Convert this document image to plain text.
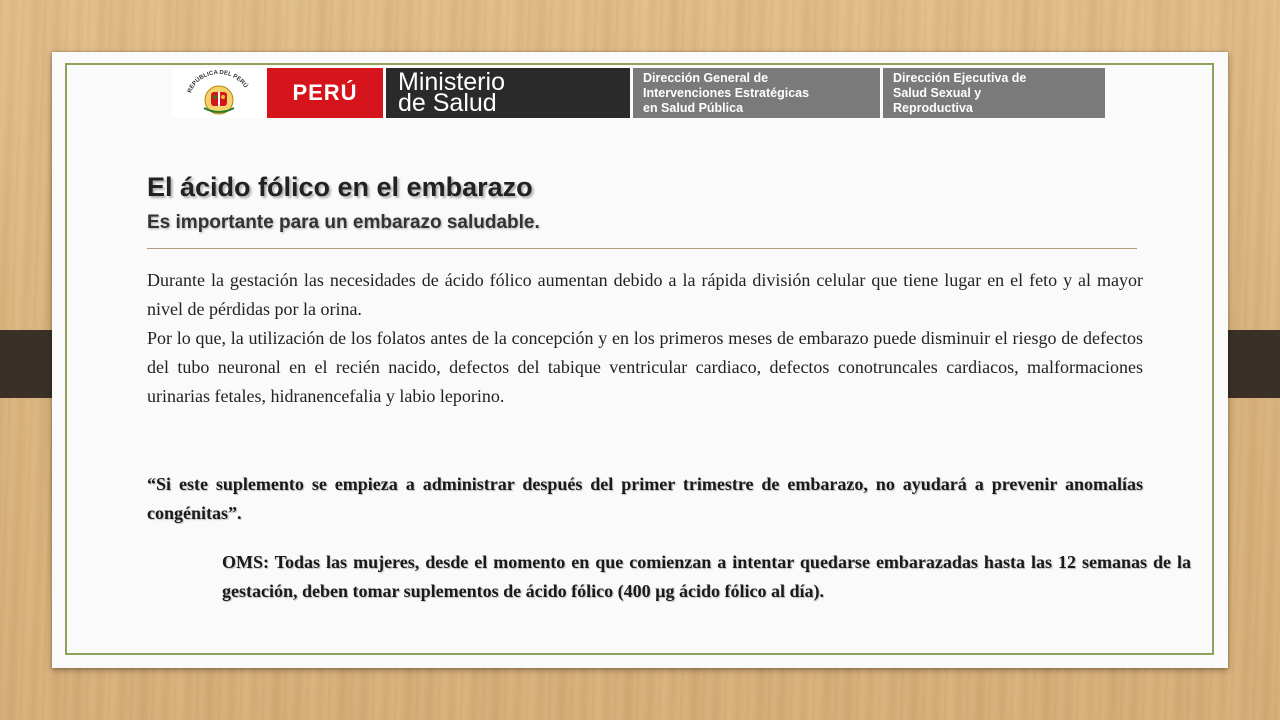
REPÚBLICA DEL PERÚ	PERÚ	Ministerio
de Salud
Dirección General de
Intervenciones Estratégicas
en Salud Pública
Dirección Ejecutiva de
Salud Sexual y
Reproductiva
El ácido fólico en el embarazo
Es importante para un embarazo saludable.

Durante la gestación las necesidades de ácido fólico aumentan debido a la rápida división celular que tiene lugar en el feto y al mayor nivel de pérdidas por la orina.

Por lo que, la utilización de los folatos antes de la concepción y en los primeros meses de embarazo puede disminuir el riesgo de defectos del tubo neuronal en el recién nacido, defectos del tabique ventricular cardiaco, defectos conotruncales cardiacos, malformaciones urinarias fetales, hidranencefalia y labio leporino.

“Si este suplemento se empieza a administrar después del primer trimestre de embarazo, no ayudará a prevenir anomalías congénitas”.

OMS: Todas las mujeres, desde el momento en que comienzan a intentar quedarse embarazadas hasta las 12 semanas de la gestación, deben tomar suplementos de ácido fólico (400 µg ácido fólico al día).
